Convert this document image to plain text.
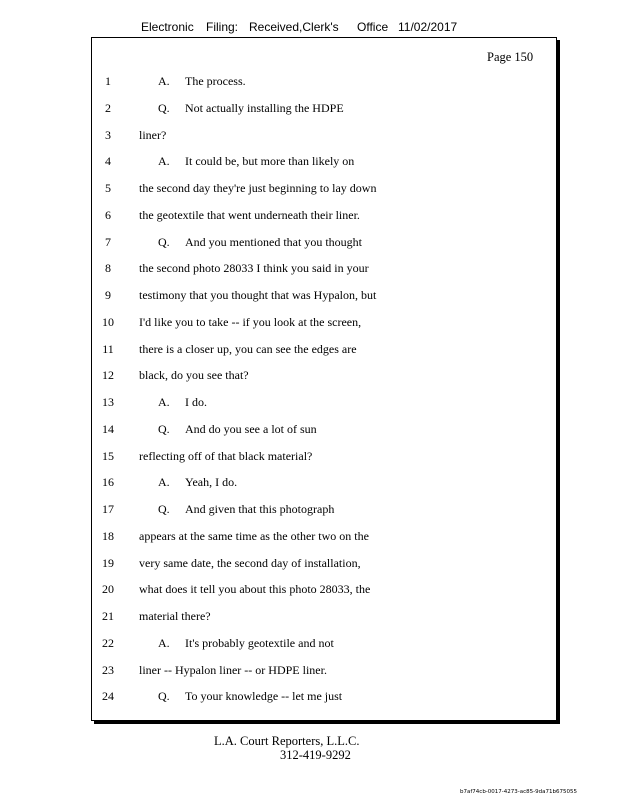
Electronic Filing: Received,Clerk's Office 11/02/2017
Page 150
1	A. The process.
2	Q. Not actually installing the HDPE
3	liner?
4	A. It could be, but more than likely on
5	the second day they're just beginning to lay down
6	the geotextile that went underneath their liner.
7	Q. And you mentioned that you thought
8	the second photo 28033 I think you said in your
9	testimony that you thought that was Hypalon, but
10	I'd like you to take -- if you look at the screen,
11	there is a closer up, you can see the edges are
12	black, do you see that?
13	A. I do.
14	Q. And do you see a lot of sun
15	reflecting off of that black material?
16	A. Yeah, I do.
17	Q. And given that this photograph
18	appears at the same time as the other two on the
19	very same date, the second day of installation,
20	what does it tell you about this photo 28033, the
21	material there?
22	A. It's probably geotextile and not
23	liner -- Hypalon liner -- or HDPE liner.
24	Q. To your knowledge -- let me just
L.A. Court Reporters, L.L.C.
312-419-9292
b7af74cb-0017-4273-ac85-9da71b675055
